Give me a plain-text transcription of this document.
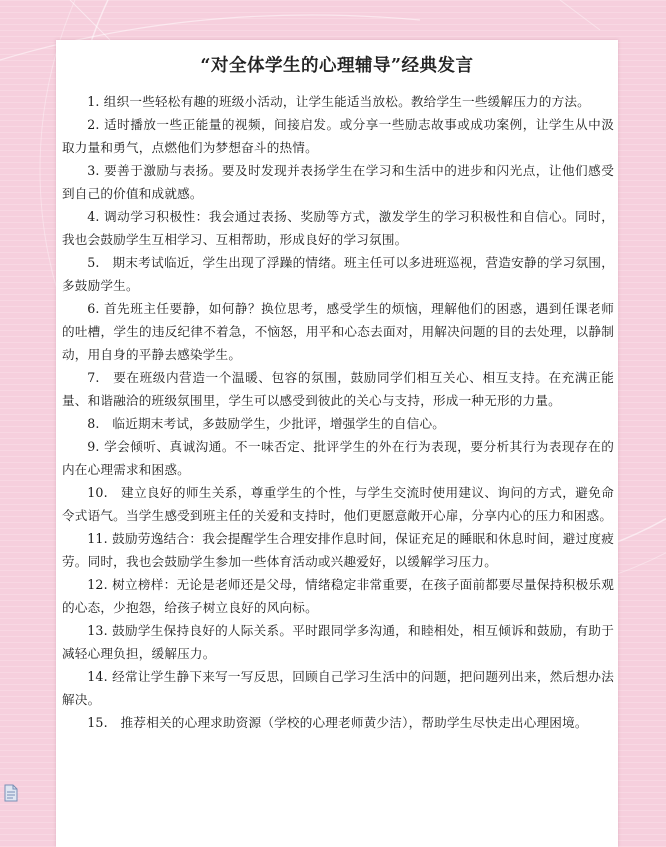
“对全体学生的心理辅导”经典发言
1. 组织一些轻松有趣的班级小活动，让学生能适当放松。教给学生一些缓解压力的方法。
2. 适时播放一些正能量的视频，间接启发。或分享一些励志故事或成功案例，让学生从中汲取力量和勇气，点燃他们为梦想奋斗的热情。
3. 要善于激励与表扬。要及时发现并表扬学生在学习和生活中的进步和闪光点，让他们感受到自己的价值和成就感。
4. 调动学习积极性：我会通过表扬、奖励等方式，激发学生的学习积极性和自信心。同时，我也会鼓励学生互相学习、互相帮助，形成良好的学习氛围。
5.　期末考试临近，学生出现了浮躁的情绪。班主任可以多进班巡视，营造安静的学习氛围，多鼓励学生。
6. 首先班主任要静，如何静？换位思考，感受学生的烦恼，理解他们的困惑，遇到任课老师的吐槽，学生的违反纪律不着急，不恼怒，用平和心态去面对，用解决问题的目的去处理，以静制动，用自身的平静去感染学生。
7.　要在班级内营造一个温暖、包容的氛围，鼓励同学们相互关心、相互支持。在充满正能量、和谐融洽的班级氛围里，学生可以感受到彼此的关心与支持，形成一种无形的力量。
8.　临近期末考试，多鼓励学生，少批评，增强学生的自信心。
9. 学会倾听、真诚沟通。不一味否定、批评学生的外在行为表现，要分析其行为表现存在的内在心理需求和困惑。
10.　建立良好的师生关系，尊重学生的个性，与学生交流时使用建议、询问的方式，避免命令式语气。当学生感受到班主任的关爱和支持时，他们更愿意敞开心扉，分享内心的压力和困惑。
11. 鼓励劳逸结合：我会提醒学生合理安排作息时间，保证充足的睡眠和休息时间，避过度疲劳。同时，我也会鼓励学生参加一些体育活动或兴趣爱好，以缓解学习压力。
12. 树立榜样：无论是老师还是父母，情绪稳定非常重要，在孩子面前都要尽量保持积极乐观的心态，少抱怨，给孩子树立良好的风向标。
13. 鼓励学生保持良好的人际关系。平时跟同学多沟通，和睦相处，相互倾诉和鼓励，有助于减轻心理负担，缓解压力。
14. 经常让学生静下来写一写反思，回顾自己学习生活中的问题，把问题列出来，然后想办法解决。
15.　推荐相关的心理求助资源（学校的心理老师黄少洁），帮助学生尽快走出心理困境。
